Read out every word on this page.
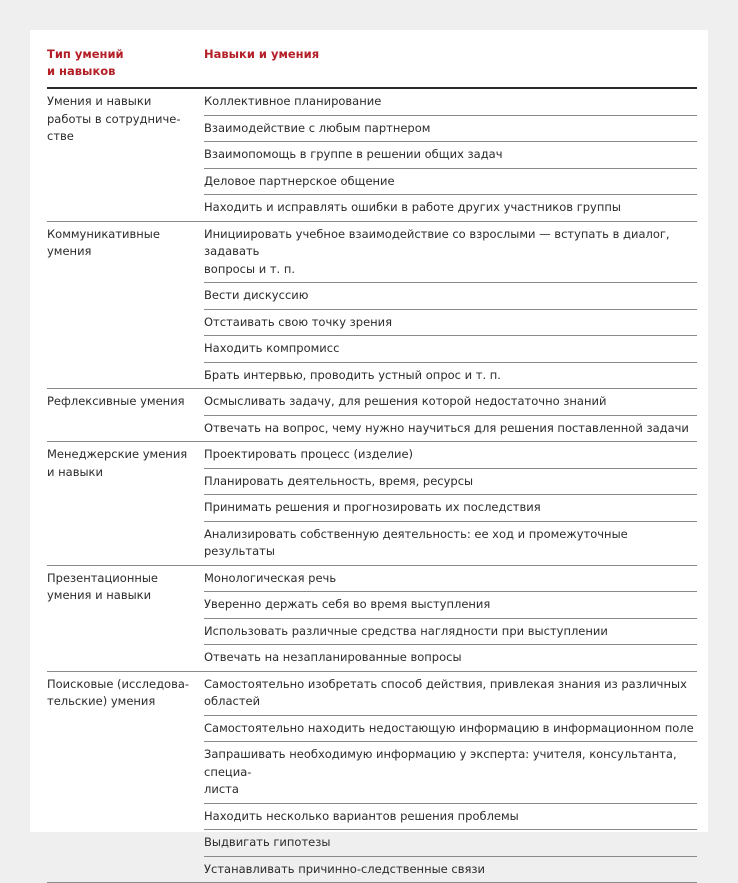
Тип умений
и навыков	Навыки и умения
Умения и навыки
работы в сотрудниче-
стве	Коллективное планирование
	Взаимодействие с любым партнером
	Взаимопомощь в группе в решении общих задач
	Деловое партнерское общение
	Находить и исправлять ошибки в работе других участников группы
Коммуникативные
умения	Инициировать учебное взаимодействие со взрослыми — вступать в диалог, задавать
вопросы и т. п.
	Вести дискуссию
	Отстаивать свою точку зрения
	Находить компромисс
	Брать интервью, проводить устный опрос и т. п.
Рефлексивные умения	Осмысливать задачу, для решения которой недостаточно знаний
	Отвечать на вопрос, чему нужно научиться для решения поставленной задачи
Менеджерские умения
и навыки	Проектировать процесс (изделие)
	Планировать деятельность, время, ресурсы
	Принимать решения и прогнозировать их последствия
	Анализировать собственную деятельность: ее ход и промежуточные результаты
Презентационные
умения и навыки	Монологическая речь
	Уверенно держать себя во время выступления
	Использовать различные средства наглядности при выступлении
	Отвечать на незапланированные вопросы
Поисковые (исследова-
тельские) умения	Самостоятельно изобретать способ действия, привлекая знания из различных
областей
	Самостоятельно находить недостающую информацию в информационном поле
	Запрашивать необходимую информацию у эксперта: учителя, консультанта, специа-
листа
	Находить несколько вариантов решения проблемы
	Выдвигать гипотезы
	Устанавливать причинно-следственные связи
